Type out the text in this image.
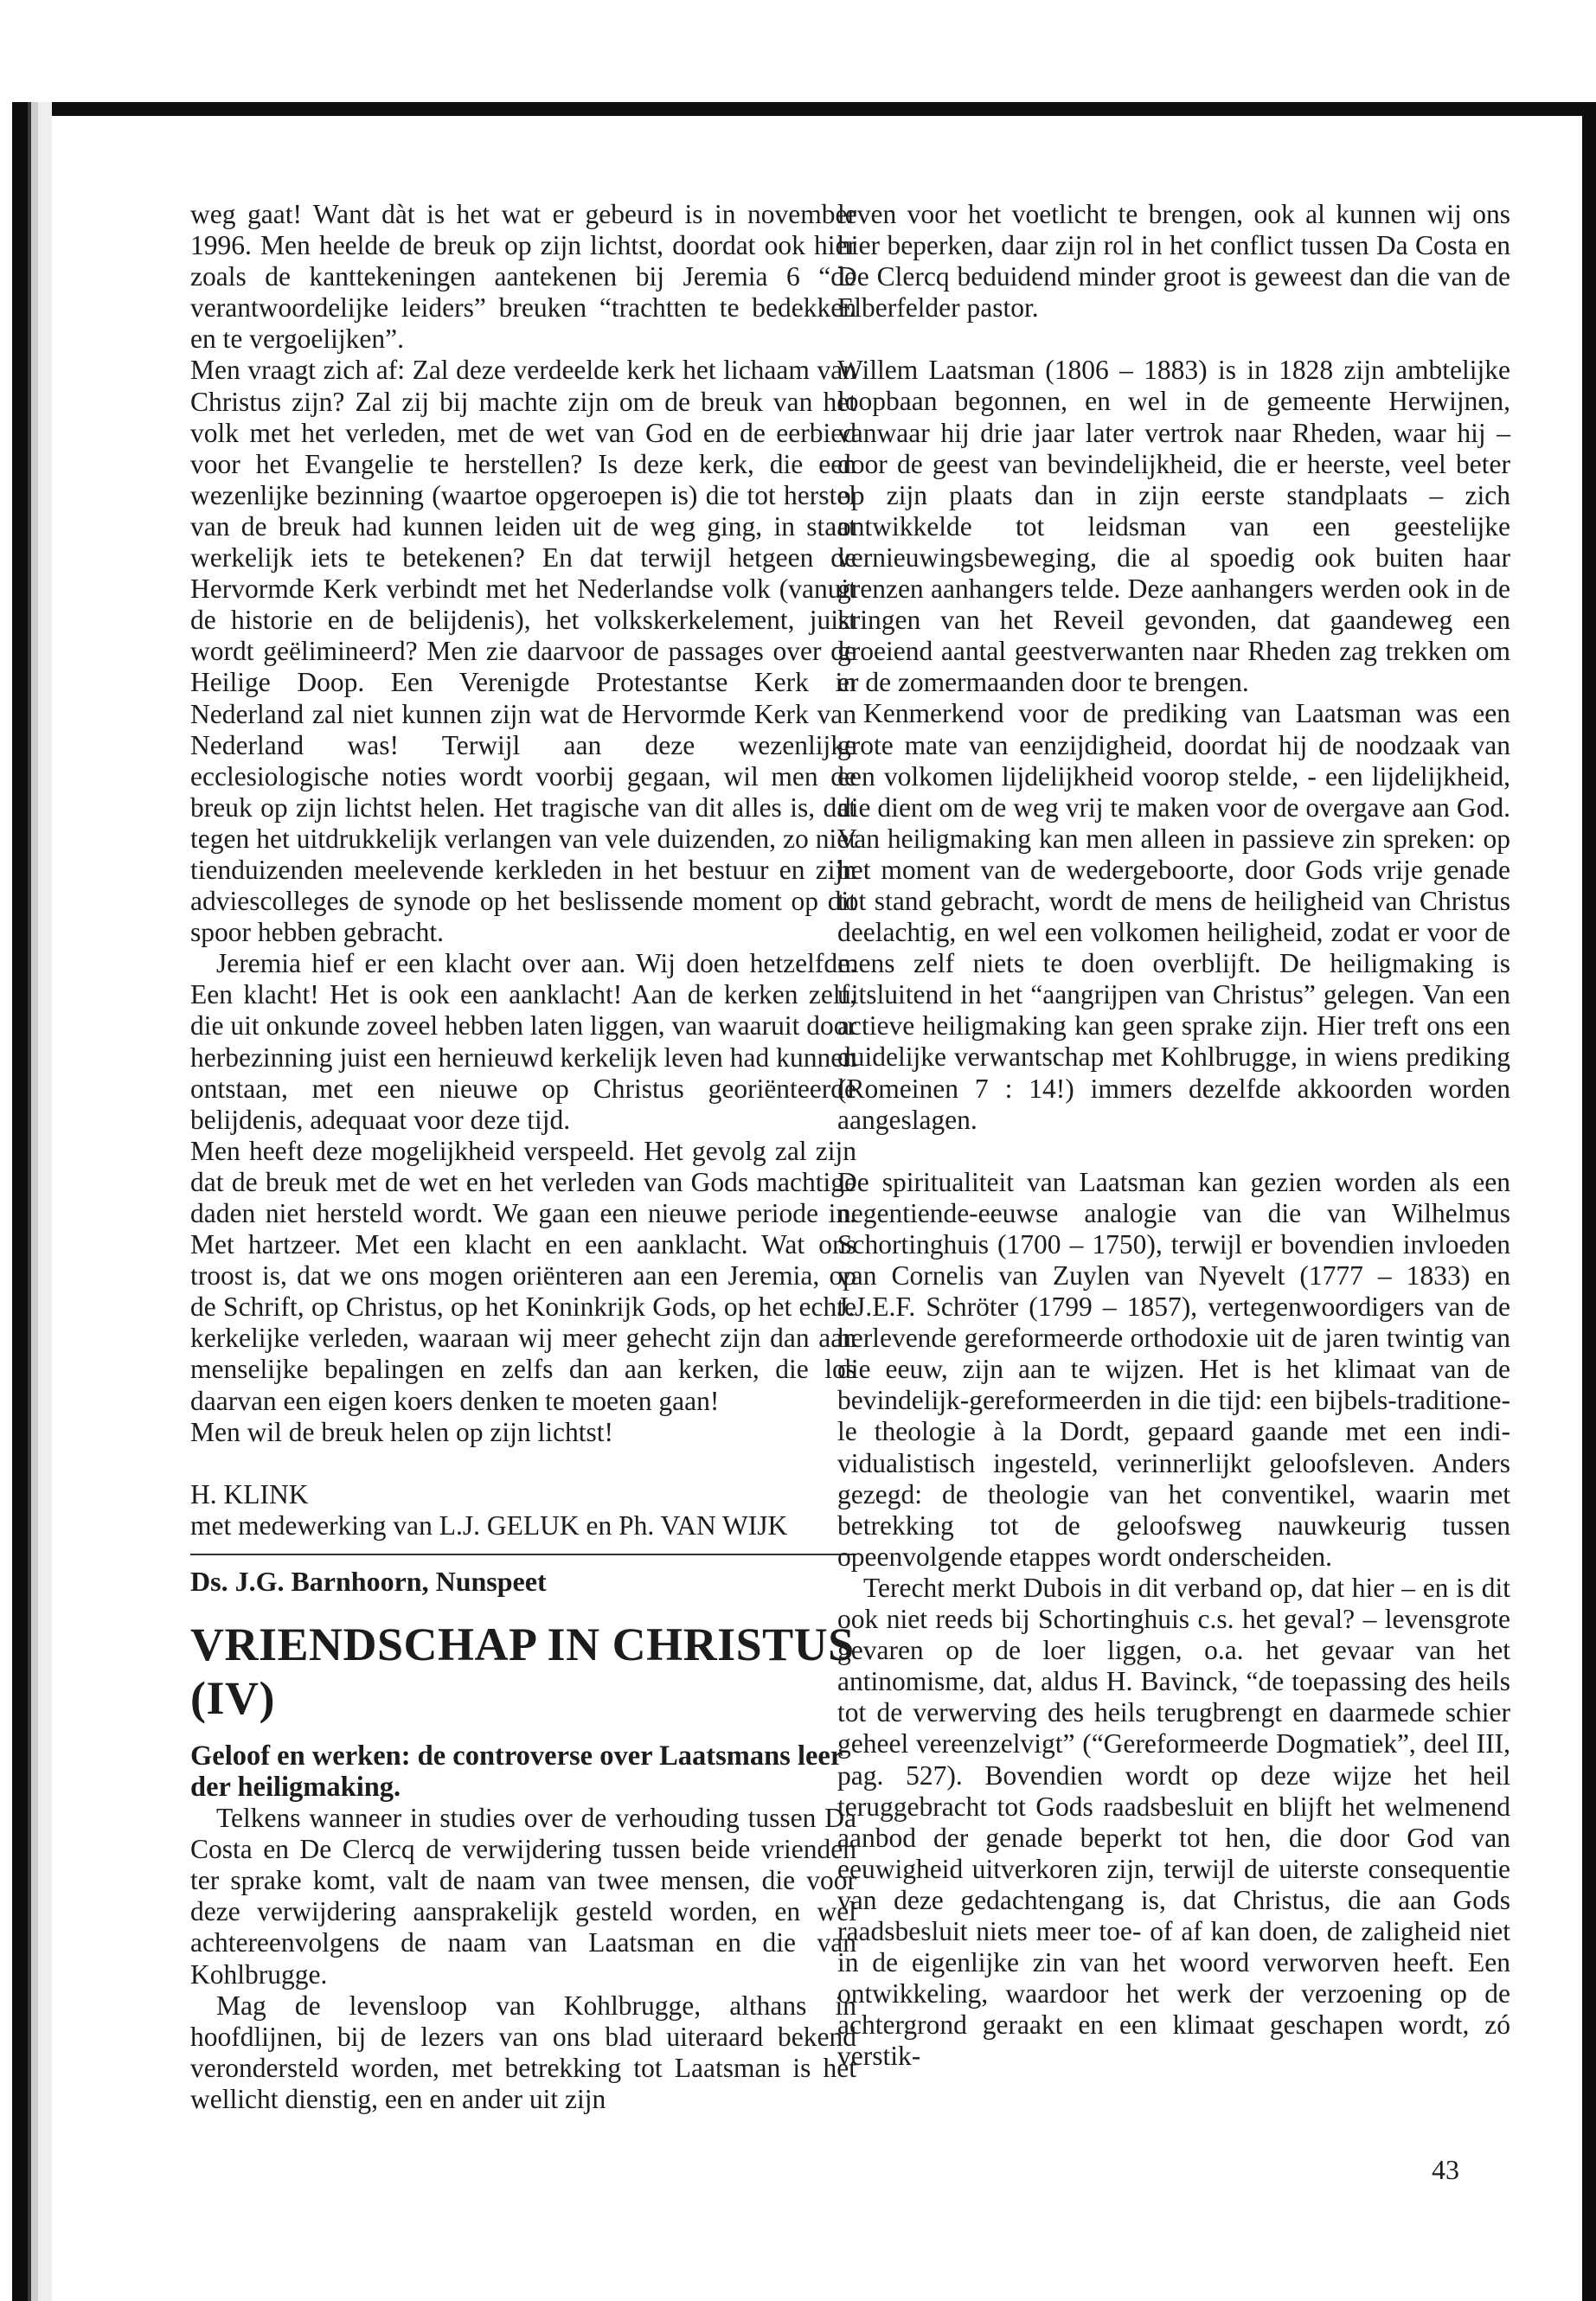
weg gaat! Want dàt is het wat er gebeurd is in november 1996. Men heelde de breuk op zijn lichtst, doordat ook hier zoals de kanttekeningen aantekenen bij Jeremia 6 “de verantwoordelijke leiders” breuken “trachtten te bedekken en te vergoelijken”.

Men vraagt zich af: Zal deze verdeelde kerk het lichaam van Christus zijn? Zal zij bij machte zijn om de breuk van het volk met het verleden, met de wet van God en de eerbied voor het Evangelie te herstellen? Is deze kerk, die een wezenlijke bezinning (waartoe opgeroepen is) die tot herstel van de breuk had kunnen leiden uit de weg ging, in staat werkelijk iets te betekenen? En dat terwijl hetgeen de Hervormde Kerk verbindt met het Nederlandse volk (vanuit de historie en de belijdenis), het volkskerkelement, juist wordt geëlimineerd? Men zie daarvoor de passages over de Heilige Doop. Een Verenigde Protestantse Kerk in Nederland zal niet kunnen zijn wat de Hervormde Kerk van Nederland was! Terwijl aan deze wezenlijke ecclesiologische noties wordt voorbij gegaan, wil men de breuk op zijn lichtst helen. Het tragische van dit alles is, dat tegen het uitdrukkelijk verlangen van vele duizenden, zo niet tienduizenden meelevende kerkleden in het bestuur en zijn adviescolleges de synode op het beslissende moment op dit spoor hebben gebracht.

Jeremia hief er een klacht over aan. Wij doen hetzelfde. Een klacht! Het is ook een aanklacht! Aan de kerken zelf, die uit onkunde zoveel hebben laten liggen, van waaruit door herbezinning juist een hernieuwd kerkelijk leven had kunnen ontstaan, met een nieuwe op Christus georiënteerde belijdenis, adequaat voor deze tijd.

Men heeft deze mogelijkheid verspeeld. Het gevolg zal zijn dat de breuk met de wet en het verleden van Gods machtige daden niet hersteld wordt. We gaan een nieuwe periode in. Met hartzeer. Met een klacht en een aanklacht. Wat ons troost is, dat we ons mogen oriënteren aan een Jeremia, op de Schrift, op Christus, op het Koninkrijk Gods, op het echte kerkelijke verleden, waaraan wij meer gehecht zijn dan aan menselijke bepalingen en zelfs dan aan kerken, die los daarvan een eigen koers denken te moeten gaan!

Men wil de breuk helen op zijn lichtst!

H. KLINK

met medewerking van L.J. GELUK en Ph. VAN WIJK

Ds. J.G. Barnhoorn, Nunspeet

VRIENDSCHAP IN CHRISTUS (IV)

Geloof en werken: de controverse over Laatsmans leer der heiligmaking.

Telkens wanneer in studies over de verhouding tussen Da Costa en De Clercq de verwijdering tussen beide vrienden ter sprake komt, valt de naam van twee mensen, die voor deze verwijdering aansprakelijk gesteld worden, en wel achtereenvolgens de naam van Laatsman en die van Kohlbrugge.

Mag de levensloop van Kohlbrugge, althans in hoofdlijnen, bij de lezers van ons blad uiteraard bekend verondersteld worden, met betrekking tot Laatsman is het wellicht dienstig, een en ander uit zijn

leven voor het voetlicht te brengen, ook al kunnen wij ons hier beperken, daar zijn rol in het conflict tussen Da Costa en De Clercq beduidend minder groot is geweest dan die van de Elberfelder pastor.

Willem Laatsman (1806 – 1883) is in 1828 zijn ambtelijke loopbaan begonnen, en wel in de gemeente Herwijnen, vanwaar hij drie jaar later vertrok naar Rheden, waar hij – door de geest van bevindelijkheid, die er heerste, veel beter op zijn plaats dan in zijn eerste standplaats – zich ontwikkelde tot leidsman van een geestelijke vernieuwingsbeweging, die al spoedig ook buiten haar grenzen aanhangers telde. Deze aanhangers werden ook in de kringen van het Reveil gevonden, dat gaandeweg een groeiend aantal geestverwanten naar Rheden zag trekken om er de zomermaanden door te brengen.

Kenmerkend voor de prediking van Laatsman was een grote mate van eenzijdigheid, doordat hij de noodzaak van een volkomen lijdelijkheid voorop stelde, - een lijdelijkheid, die dient om de weg vrij te maken voor de overgave aan God. Van heiligmaking kan men alleen in passieve zin spreken: op het moment van de wedergeboorte, door Gods vrije genade tot stand gebracht, wordt de mens de heiligheid van Christus deelachtig, en wel een volkomen heiligheid, zodat er voor de mens zelf niets te doen overblijft. De heiligmaking is uitsluitend in het “aangrijpen van Christus” gelegen. Van een actieve heiligmaking kan geen sprake zijn. Hier treft ons een duidelijke verwantschap met Kohlbrugge, in wiens prediking (Romeinen 7 : 14!) immers dezelfde akkoorden worden aangeslagen.

De spiritualiteit van Laatsman kan gezien worden als een negentiende-eeuwse analogie van die van Wilhelmus Schortinghuis (1700 – 1750), terwijl er bovendien invloeden van Cornelis van Zuylen van Nyevelt (1777 – 1833) en J.J.E.F. Schröter (1799 – 1857), vertegenwoordigers van de herlevende gereformeerde orthodoxie uit de jaren twintig van die eeuw, zijn aan te wijzen. Het is het klimaat van de bevindelijk-gereformeerden in die tijd: een bijbels-traditionele theologie à la Dordt, gepaard gaande met een individualistisch ingesteld, verinnerlijkt geloofsleven. Anders gezegd: de theologie van het conventikel, waarin met betrekking tot de geloofsweg nauwkeurig tussen opeenvolgende etappes wordt onderscheiden.

Terecht merkt Dubois in dit verband op, dat hier – en is dit ook niet reeds bij Schortinghuis c.s. het geval? – levensgrote gevaren op de loer liggen, o.a. het gevaar van het antinomisme, dat, aldus H. Bavinck, “de toepassing des heils tot de verwerving des heils terugbrengt en daarmede schier geheel vereenzelvigt” (“Gereformeerde Dogmatiek”, deel III, pag. 527). Bovendien wordt op deze wijze het heil teruggebracht tot Gods raadsbesluit en blijft het welmenend aanbod der genade beperkt tot hen, die door God van eeuwigheid uitverkoren zijn, terwijl de uiterste consequentie van deze gedachtengang is, dat Christus, die aan Gods raadsbesluit niets meer toe- of af kan doen, de zaligheid niet in de eigenlijke zin van het woord verworven heeft. Een ontwikkeling, waardoor het werk der verzoening op de achtergrond geraakt en een klimaat geschapen wordt, zó verstik-

43
